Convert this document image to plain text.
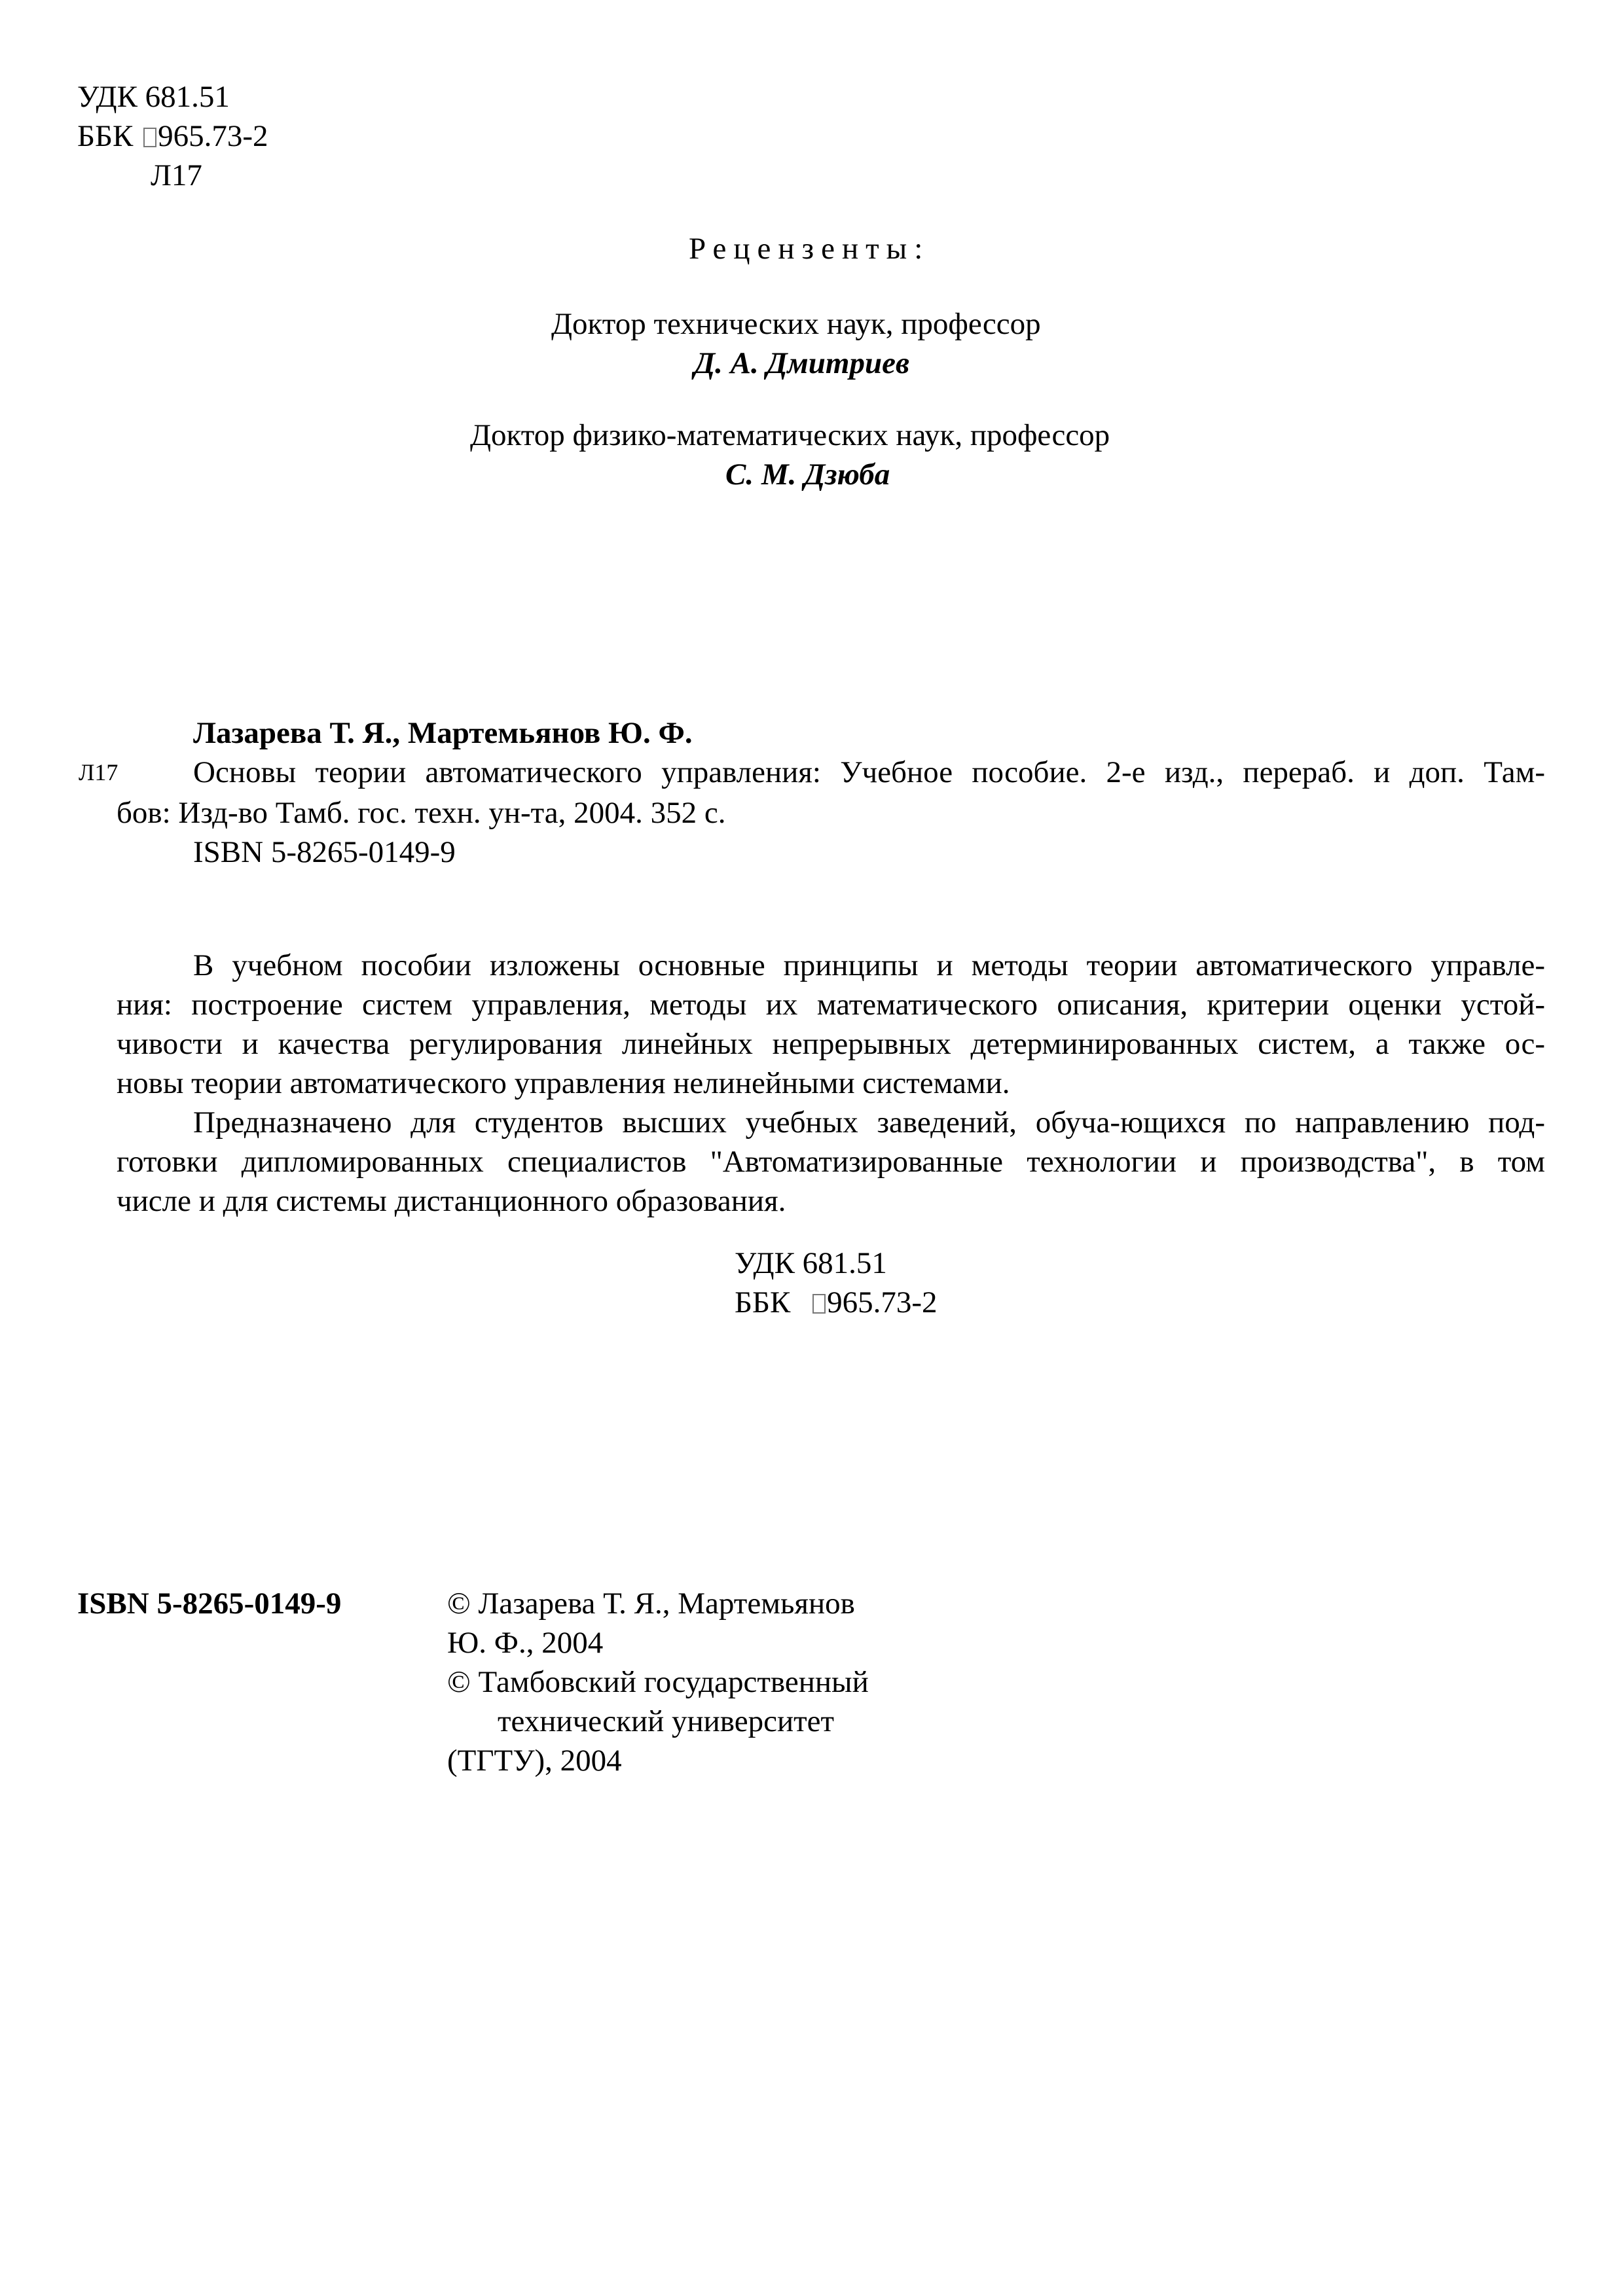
УДК 681.51
ББК 965.73-2
Л17
Рецензенты:
Доктор технических наук, профессор
Д. А. Дмитриев
Доктор физико-математических наук, профессор
С. М. Дзюба
Лазарева Т. Я., Мартемьянов Ю. Ф.
Л17 Основы теории автоматического управления: Учебное пособие. 2-е изд., перераб. и доп. Там-
бов: Изд-во Тамб. гос. техн. ун-та, 2004. 352 с.
ISBN 5-8265-0149-9
В учебном пособии изложены основные принципы и методы теории автоматического управле-
ния: построение систем управления, методы их математического описания, критерии оценки устой-
чивости и качества регулирования линейных непрерывных детерминированных систем, а также ос-
новы теории автоматического управления нелинейными системами.
Предназначено для студентов высших учебных заведений, обуча-ющихся по направлению под-
готовки дипломированных специалистов "Автоматизированные технологии и производства", в том
числе и для системы дистанционного образования.
УДК 681.51
ББК 965.73-2
ISBN 5-8265-0149-9	© Лазарева Т. Я., Мартемьянов
Ю. Ф., 2004
© Тамбовский государственный
технический университет
(ТГТУ), 2004
